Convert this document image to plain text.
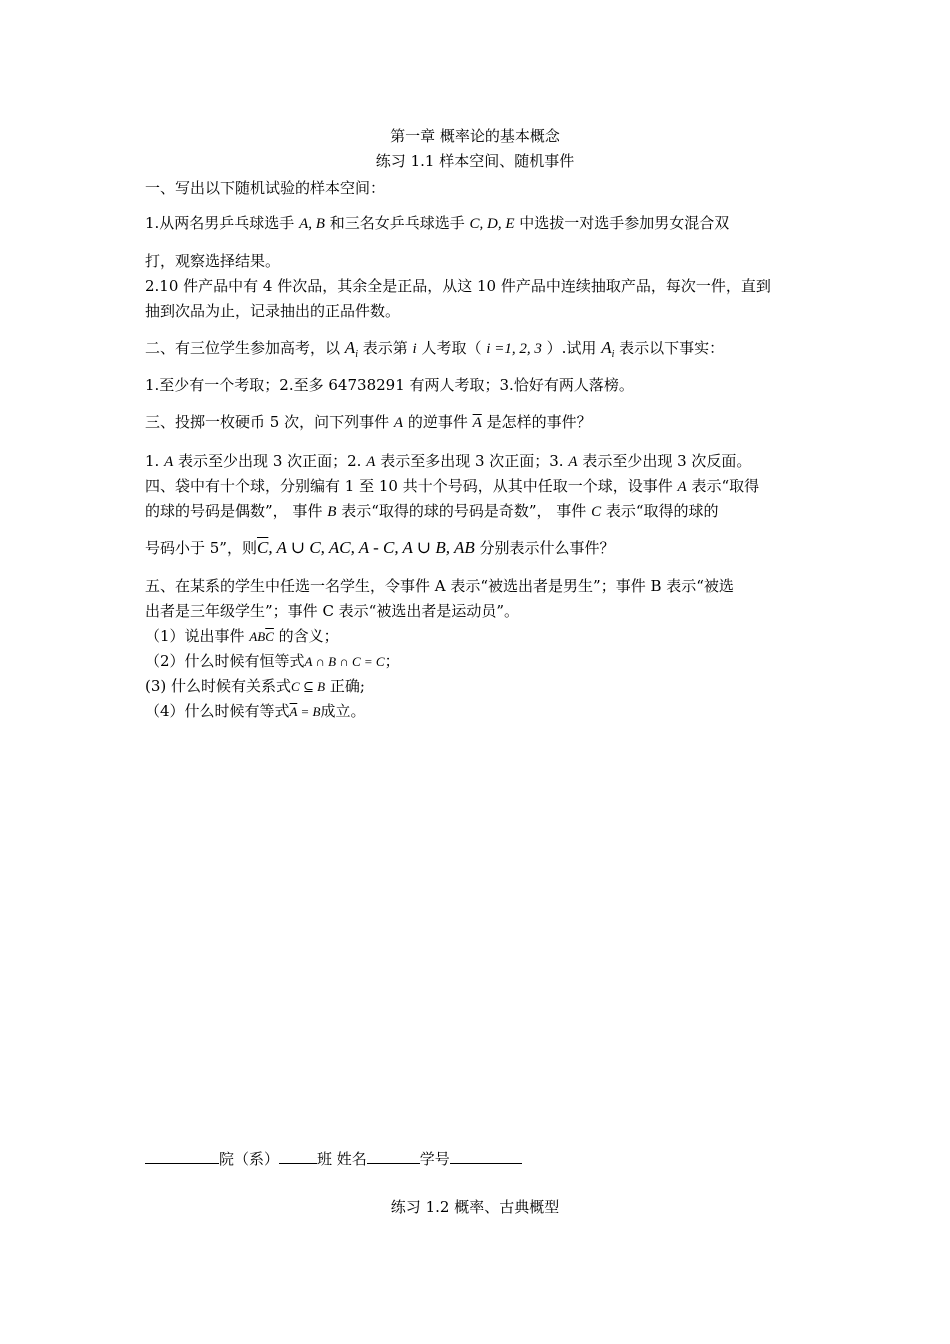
第一章 概率论的基本概念
练习 1.1 样本空间、随机事件
一、写出以下随机试验的样本空间：
1.从两名男乒乓球选手 A, B 和三名女乒乓球选手 C, D, E 中选拔一对选手参加男女混合双
打，观察选择结果。
2.10 件产品中有 4 件次品，其余全是正品，从这 10 件产品中连续抽取产品，每次一件，直到
抽到次品为止，记录抽出的正品件数。
二、有三位学生参加高考，以 $A_i$ 表示第 i 人考取（ i =1, 2, 3 ）.试用 $A_i$ 表示以下事实：
1.至少有一个考取；2.至多 64738291 有两人考取；3.恰好有两人落榜。
三、投掷一枚硬币 5 次，问下列事件 A 的逆事件 $\overline{A}$ 是怎样的事件？
1. A 表示至少出现 3 次正面；2. A 表示至多出现 3 次正面；3. A 表示至少出现 3 次反面。
四、袋中有十个球，分别编有 1 至 10 共十个号码，从其中任取一个球，设事件 A 表示“取得
的球的号码是偶数”， 事件 B 表示“取得的球的号码是奇数”， 事件 C 表示“取得的球的
号码小于 5”，则$\overline{C}$, A ∪ C, AC, A - C, A ∪ B, AB 分别表示什么事件？
五、在某系的学生中任选一名学生，令事件 A 表示“被选出者是男生”；事件 B 表示“被选
出者是三年级学生”；事件 C 表示“被选出者是运动员”。
（1）说出事件 $AB\overline{C}$ 的含义；
（2）什么时候有恒等式A ∩ B ∩ C = C；
(3) 什么时候有关系式C ⊆ B 正确;
（4）什么时候有等式$\overline{A} = B$成立。
院（系）	班 姓名	学号
练习 1.2 概率、古典概型
